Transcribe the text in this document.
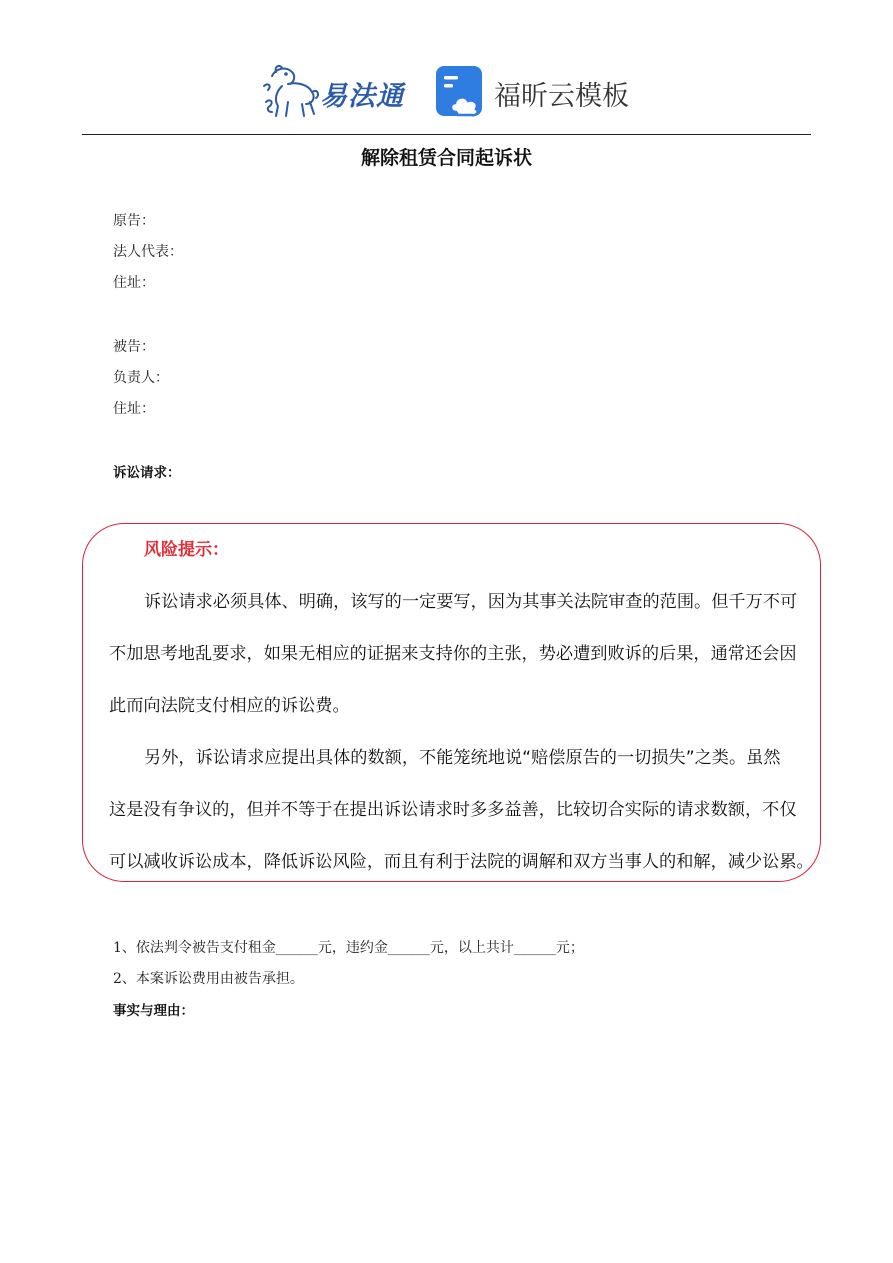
易法通	福昕云模板
解除租赁合同起诉状
原告：
法人代表：
住址：
被告：
负责人：
住址：
诉讼请求：
风险提示：
诉讼请求必须具体、明确，该写的一定要写，因为其事关法院审查的范围。但千万不可
不加思考地乱要求，如果无相应的证据来支持你的主张，势必遭到败诉的后果，通常还会因
此而向法院支付相应的诉讼费。
另外，诉讼请求应提出具体的数额，不能笼统地说“赔偿原告的一切损失”之类。虽然
这是没有争议的，但并不等于在提出诉讼请求时多多益善，比较切合实际的请求数额，不仅
可以减收诉讼成本，降低诉讼风险，而且有利于法院的调解和双方当事人的和解，减少讼累。
1、依法判令被告支付租金______元，违约金______元，以上共计______元；
2、本案诉讼费用由被告承担。
事实与理由：
